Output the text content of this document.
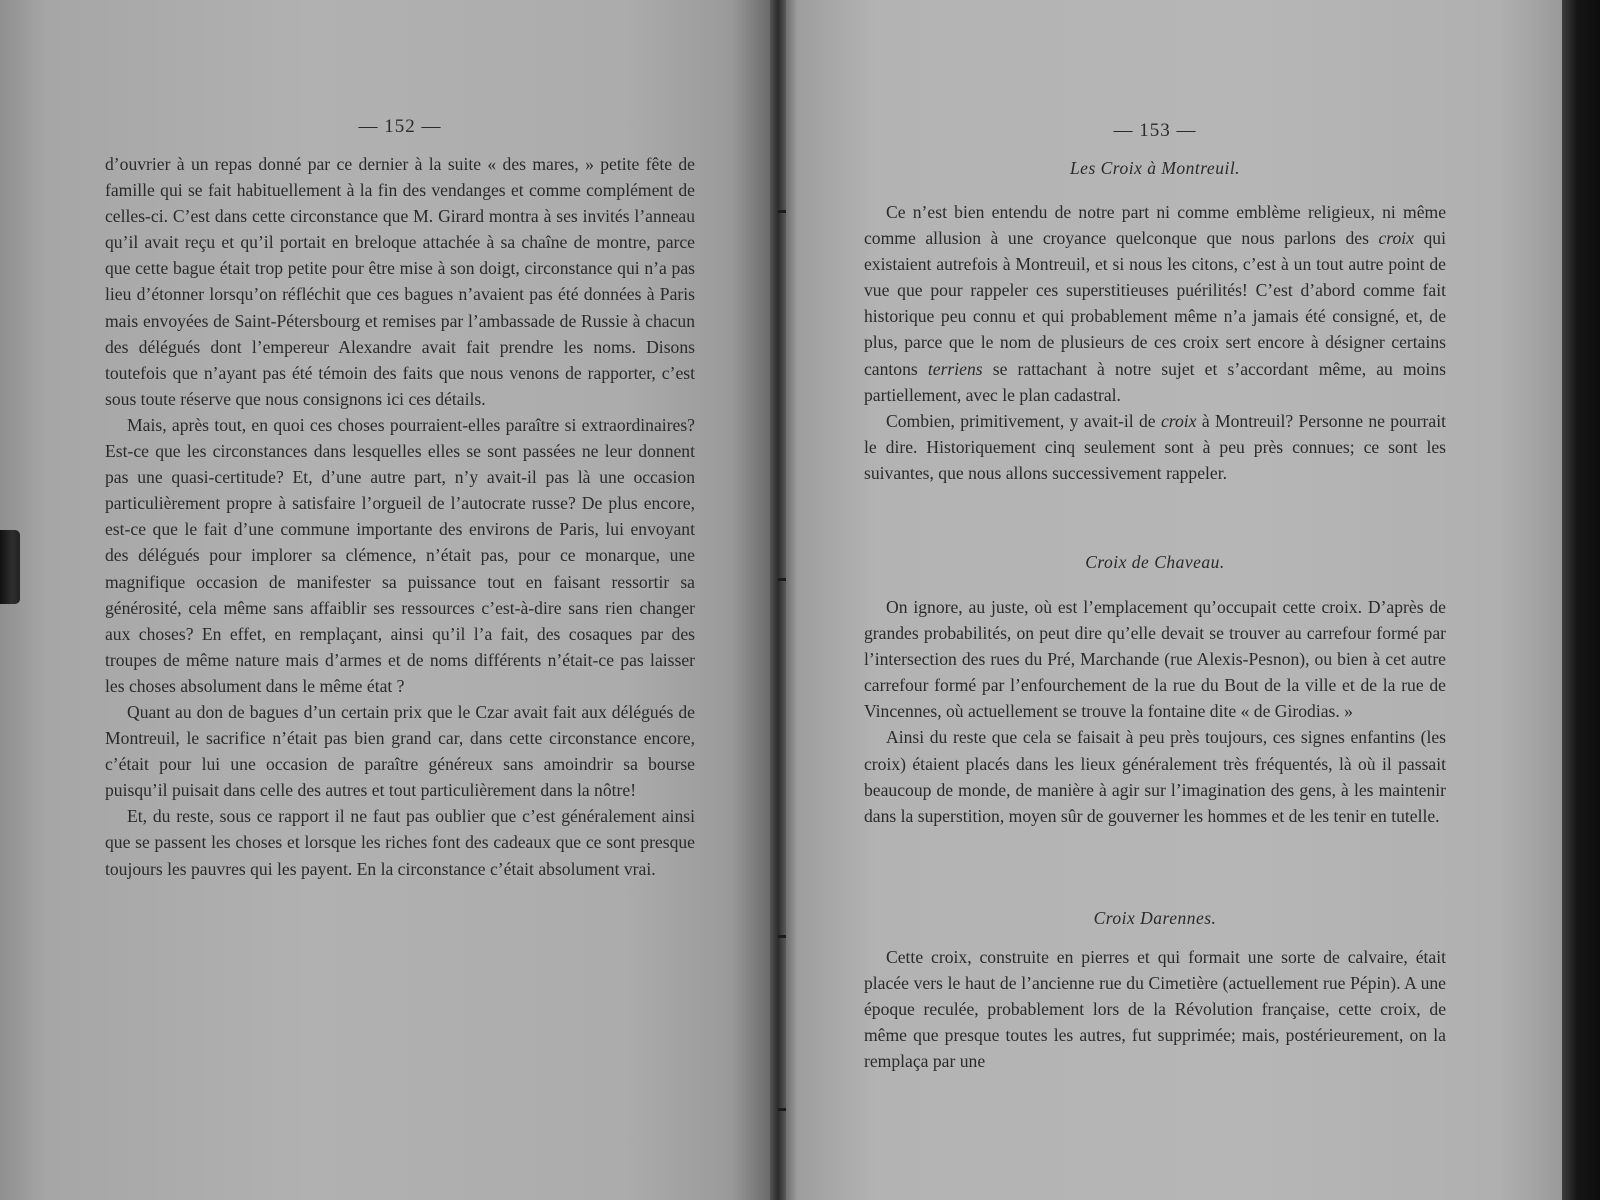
— 152 —

d’ouvrier à un repas donné par ce dernier à la suite « des mares, » petite fête de famille qui se fait habituellement à la fin des vendanges et comme complément de celles-ci. C’est dans cette circonstance que M. Girard montra à ses invités l’anneau qu’il avait reçu et qu’il portait en breloque attachée à sa chaîne de montre, parce que cette bague était trop petite pour être mise à son doigt, circonstance qui n’a pas lieu d’étonner lorsqu’on réfléchit que ces bagues n’avaient pas été données à Paris mais envoyées de Saint-Pétersbourg et remises par l’ambassade de Russie à chacun des délégués dont l’empereur Alexandre avait fait prendre les noms. Disons toutefois que n’ayant pas été témoin des faits que nous venons de rapporter, c’est sous toute réserve que nous consignons ici ces détails.

Mais, après tout, en quoi ces choses pourraient-elles paraître si extraordinaires? Est-ce que les circonstances dans lesquelles elles se sont passées ne leur donnent pas une quasi-certitude? Et, d’une autre part, n’y avait-il pas là une occasion particulièrement propre à satisfaire l’orgueil de l’autocrate russe? De plus encore, est-ce que le fait d’une commune importante des environs de Paris, lui envoyant des délégués pour implorer sa clémence, n’était pas, pour ce monarque, une magnifique occasion de manifester sa puissance tout en faisant ressortir sa générosité, cela même sans affaiblir ses ressources c’est-à-dire sans rien changer aux choses? En effet, en remplaçant, ainsi qu’il l’a fait, des cosaques par des troupes de même nature mais d’armes et de noms différents n’était-ce pas laisser les choses absolument dans le même état ?

Quant au don de bagues d’un certain prix que le Czar avait fait aux délégués de Montreuil, le sacrifice n’était pas bien grand car, dans cette circonstance encore, c’était pour lui une occasion de paraître généreux sans amoindrir sa bourse puisqu’il puisait dans celle des autres et tout particulièrement dans la nôtre!

Et, du reste, sous ce rapport il ne faut pas oublier que c’est généralement ainsi que se passent les choses et lorsque les riches font des cadeaux que ce sont presque toujours les pauvres qui les payent. En la circonstance c’était absolument vrai.

— 153 —

Les Croix à Montreuil.

Ce n’est bien entendu de notre part ni comme emblème religieux, ni même comme allusion à une croyance quelconque que nous parlons des croix qui existaient autrefois à Montreuil, et si nous les citons, c’est à un tout autre point de vue que pour rappeler ces superstitieuses puérilités! C’est d’abord comme fait historique peu connu et qui probablement même n’a jamais été consigné, et, de plus, parce que le nom de plusieurs de ces croix sert encore à désigner certains cantons terriens se rattachant à notre sujet et s’accordant même, au moins partiellement, avec le plan cadastral.

Combien, primitivement, y avait-il de croix à Montreuil? Personne ne pourrait le dire. Historiquement cinq seulement sont à peu près connues; ce sont les suivantes, que nous allons successivement rappeler.

Croix de Chaveau.

On ignore, au juste, où est l’emplacement qu’occupait cette croix. D’après de grandes probabilités, on peut dire qu’elle devait se trouver au carrefour formé par l’intersection des rues du Pré, Marchande (rue Alexis-Pesnon), ou bien à cet autre carrefour formé par l’enfourchement de la rue du Bout de la ville et de la rue de Vincennes, où actuellement se trouve la fontaine dite « de Girodias. »

Ainsi du reste que cela se faisait à peu près toujours, ces signes enfantins (les croix) étaient placés dans les lieux généralement très fréquentés, là où il passait beaucoup de monde, de manière à agir sur l’imagination des gens, à les maintenir dans la superstition, moyen sûr de gouverner les hommes et de les tenir en tutelle.

Croix Darennes.

Cette croix, construite en pierres et qui formait une sorte de calvaire, était placée vers le haut de l’ancienne rue du Cimetière (actuellement rue Pépin). A une époque reculée, probablement lors de la Révolution française, cette croix, de même que presque toutes les autres, fut supprimée; mais, postérieurement, on la remplaça par une
